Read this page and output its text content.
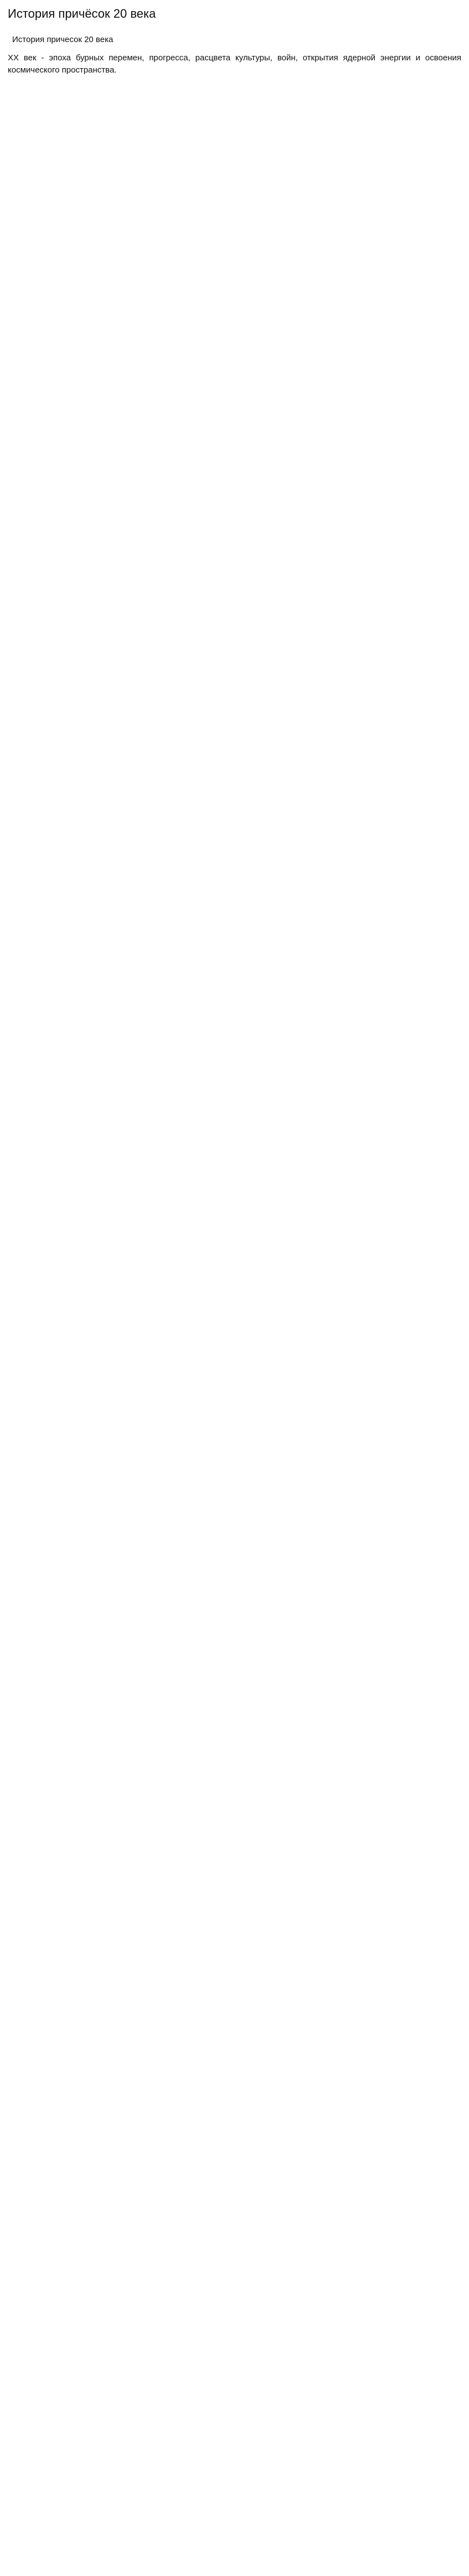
История причёсок 20 века
История причесок 20 века

XX век - эпоха бурных перемен, прогресса, расцвета культуры, войн, открытия ядерной энергии и освоения космического пространства.
